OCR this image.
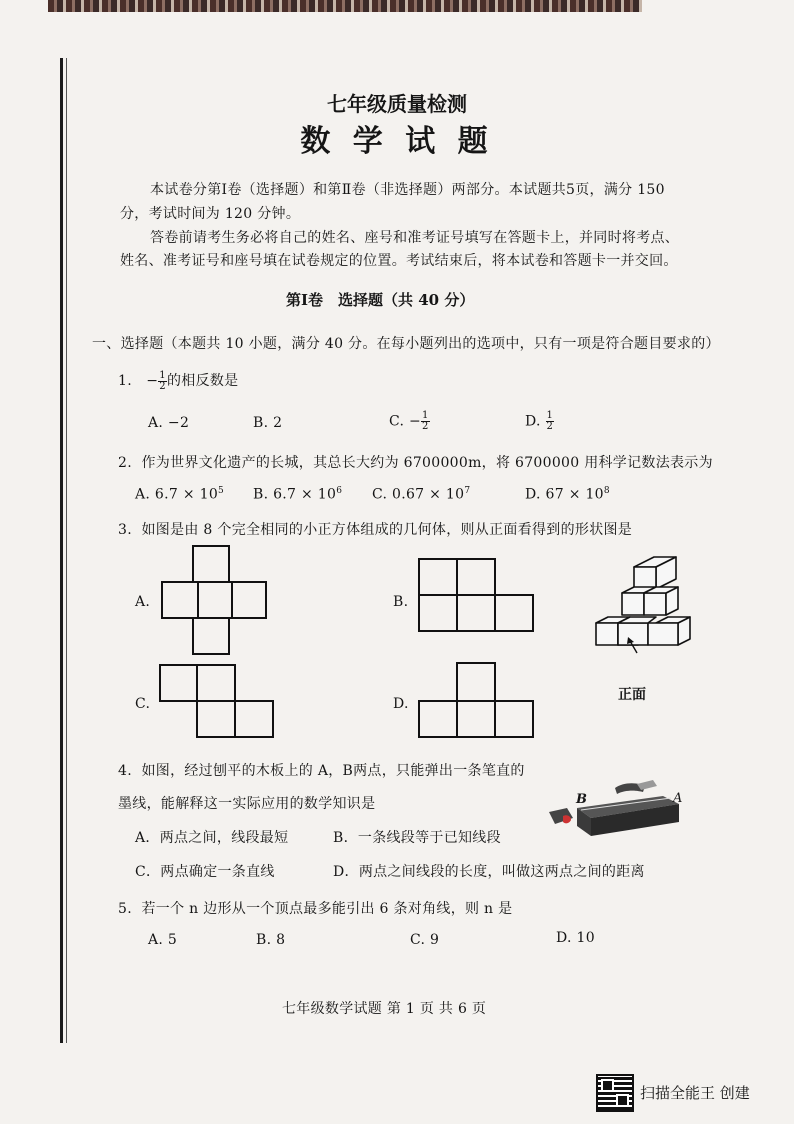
七年级质量检测
数 学 试 题
本试卷分第Ⅰ卷（选择题）和第Ⅱ卷（非选择题）两部分。本试题共5页，满分 150
分，考试时间为 120 分钟。
答卷前请考生务必将自己的姓名、座号和准考证号填写在答题卡上，并同时将考点、
姓名、准考证号和座号填在试卷规定的位置。考试结束后，将本试卷和答题卡一并交回。
第Ⅰ卷　选择题（共 40 分）
一、选择题（本题共 10 小题，满分 40 分。在每小题列出的选项中，只有一项是符合题目要求的）
1. − $\frac{1}{2}$ 的相反数是
A. −2	B. 2	C. − $\frac{1}{2}$	D. $\frac{1}{2}$
2. 作为世界文化遗产的长城，其总长大约为 6700000m，将 6700000 用科学记数法表示为
A. $6.7 \times 10^5$ B. $6.7 \times 10^6$ C. $0.67 \times 10^7$	D. $67 \times 10^8$
3. 如图是由 8 个完全相同的小正方体组成的几何体，则从正面看得到的形状图是
A.	B.
C.	D.
正面
4. 如图，经过刨平的木板上的 A，B两点，只能弹出一条笔直的
墨线，能解释这一实际应用的数学知识是	B	A
A．两点之间，线段最短	B．一条线段等于已知线段
C．两点确定一条直线	D．两点之间线段的长度，叫做这两点之间的距离
5. 若一个 n 边形从一个顶点最多能引出 6 条对角线，则 n 是
A. 5	B. 8	C. 9	D. 10
七年级数学试题 第 1 页 共 6 页
扫描全能王 创建
